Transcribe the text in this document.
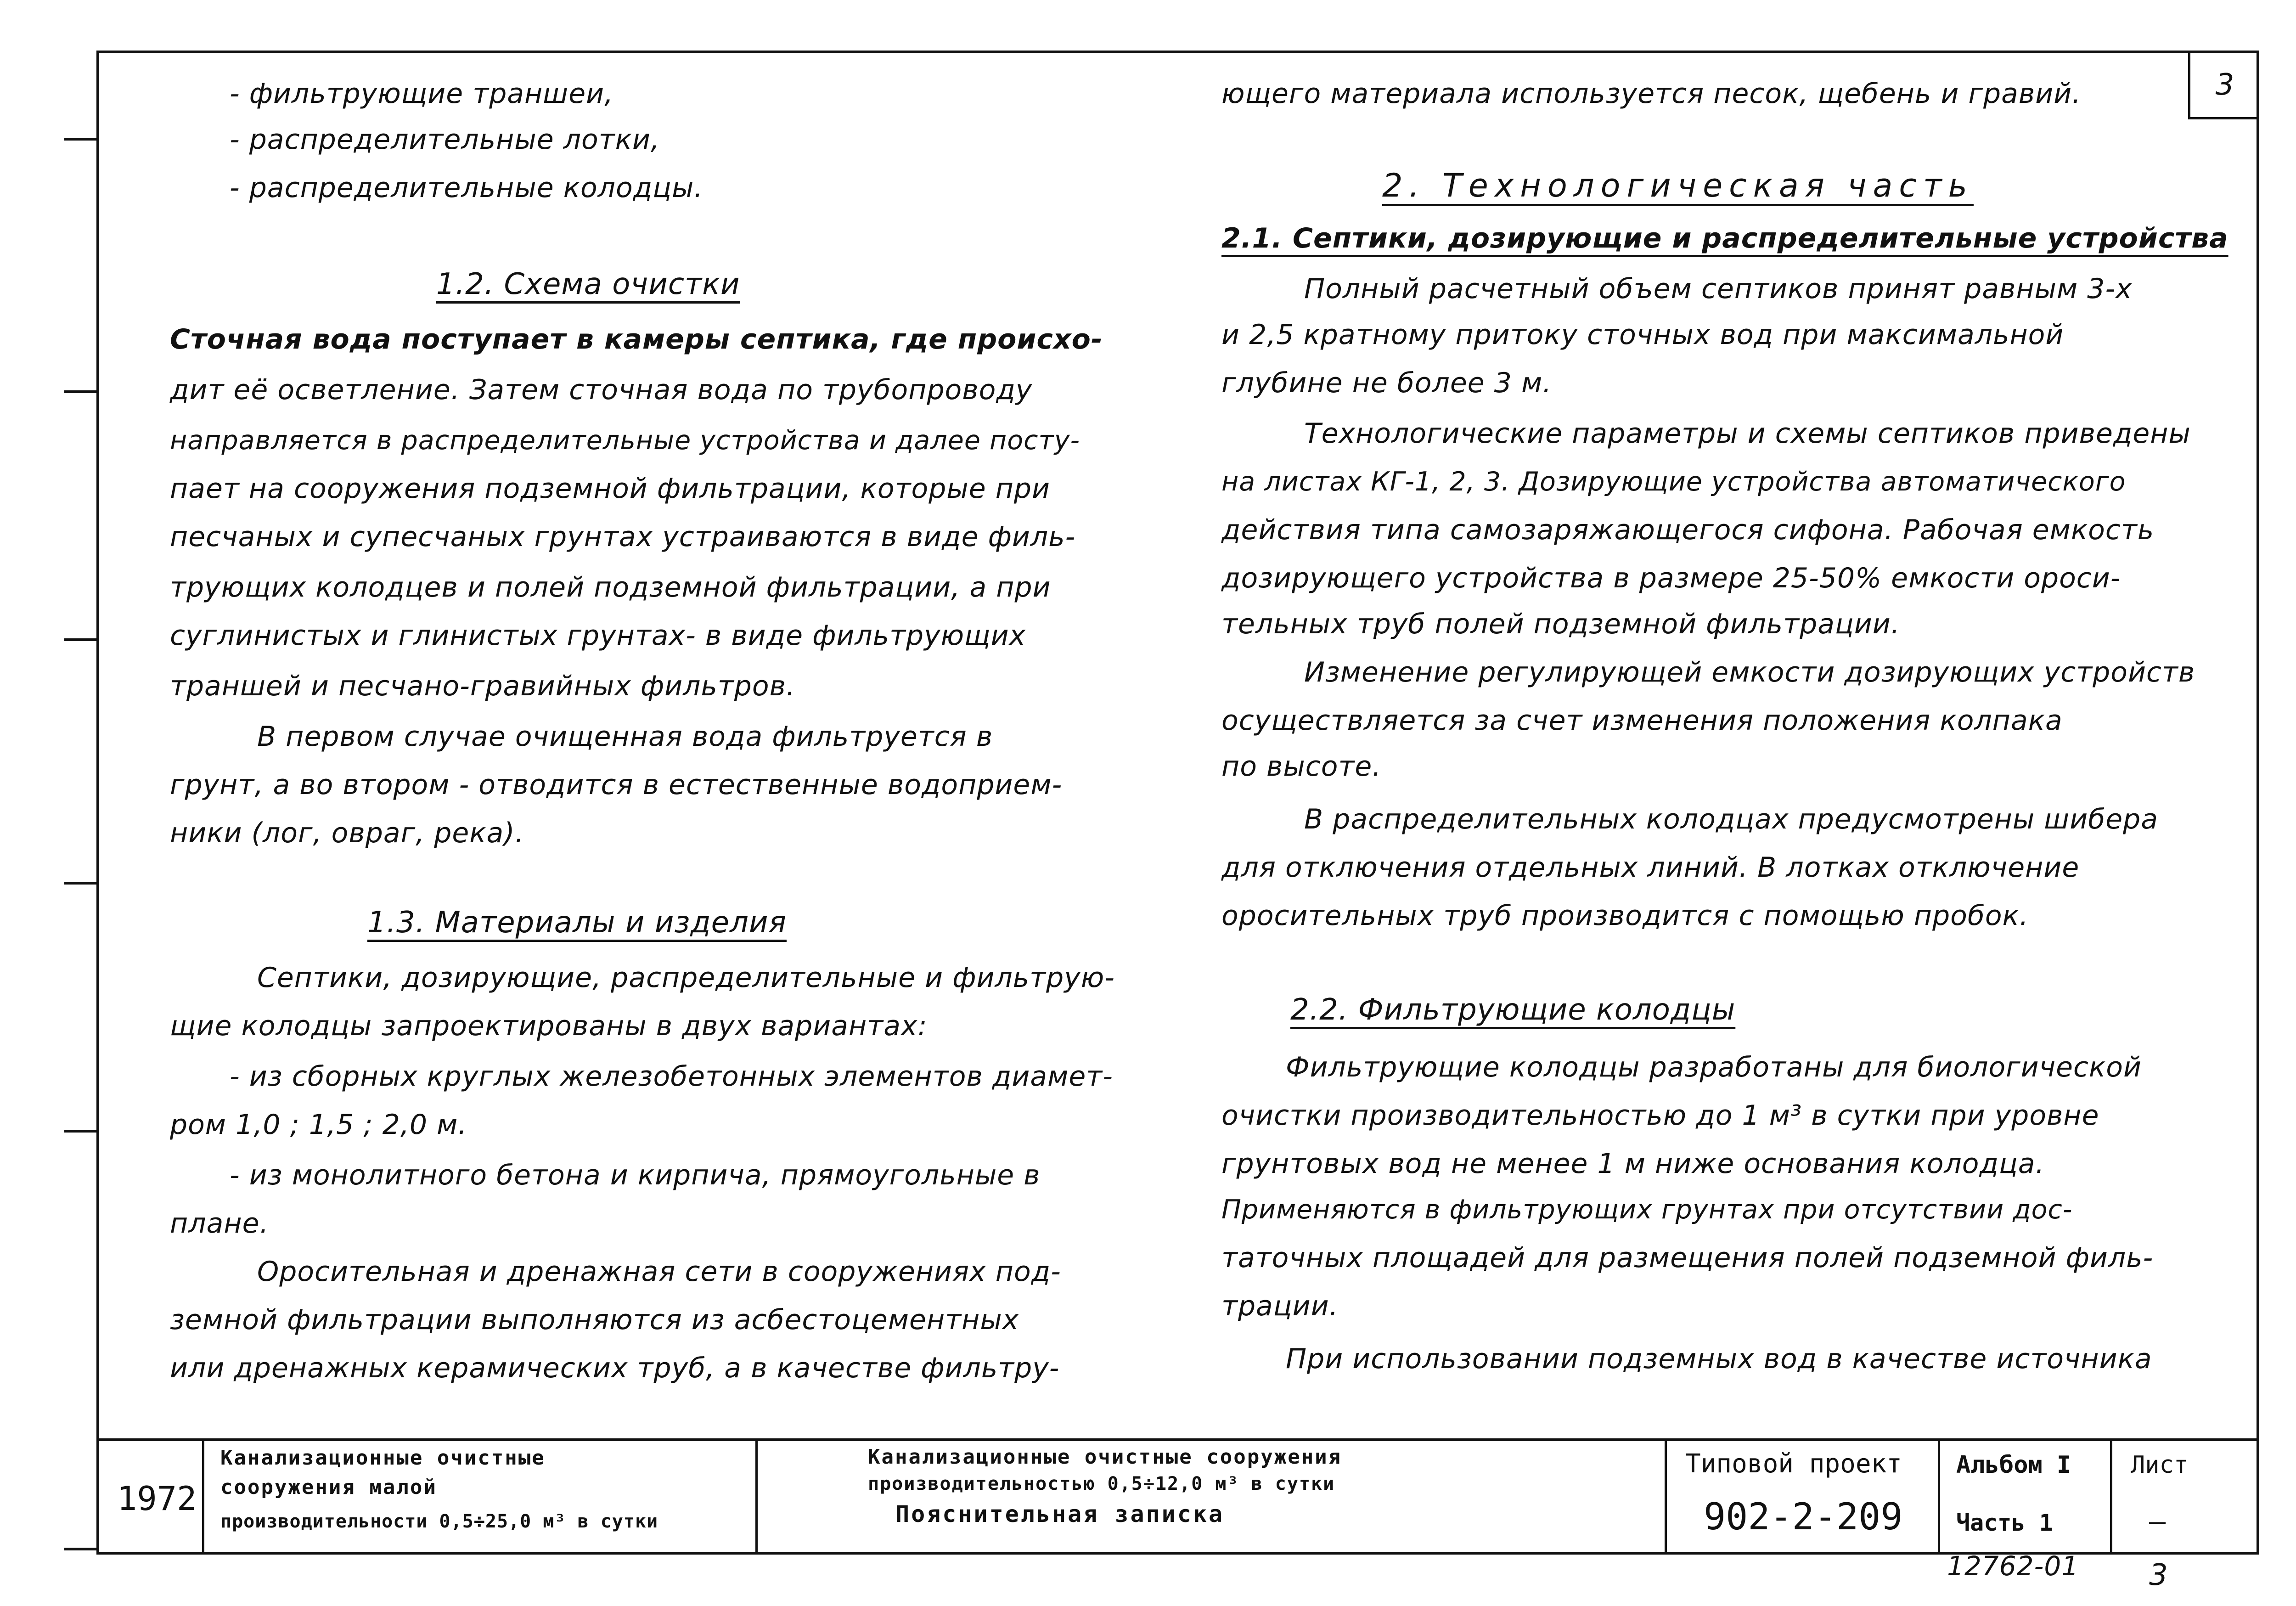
3
- фильтрующие траншеи,
- распределительные лотки,
- распределительные колодцы.
1.2. Схема очистки
Сточная вода поступает в камеры септика, где происхо-
дит её осветление. Затем сточная вода по трубопроводу
направляется в распределительные устройства и далее посту-
пает на сооружения подземной фильтрации, которые при
песчаных и супесчаных грунтах устраиваются в виде филь-
трующих колодцев и полей подземной фильтрации, а при
суглинистых и глинистых грунтах- в виде фильтрующих
траншей и песчано-гравийных фильтров.
В первом случае очищенная вода фильтруется в
грунт, а во втором - отводится в естественные водоприем-
ники (лог, овраг, река).
1.3. Материалы и изделия
Септики, дозирующие, распределительные и фильтрую-
щие колодцы запроектированы в двух вариантах:
- из сборных круглых железобетонных элементов диамет-
ром 1,0 ; 1,5 ; 2,0 м.
- из монолитного бетона и кирпича, прямоугольные в
плане.
Оросительная и дренажная сети в сооружениях под-
земной фильтрации выполняются из асбестоцементных
или дренажных керамических труб, а в качестве фильтру-
ющего материала используется песок, щебень и гравий.
2. Технологическая часть
2.1. Септики, дозирующие и распределительные устройства
Полный расчетный объем септиков принят равным 3-х
и 2,5 кратному притоку сточных вод при максимальной
глубине не более 3 м.
Технологические параметры и схемы септиков приведены
на листах КГ-1, 2, 3. Дозирующие устройства автоматического
действия типа самозаряжающегося сифона. Рабочая емкость
дозирующего устройства в размере 25-50% емкости ороси-
тельных труб полей подземной фильтрации.
Изменение регулирующей емкости дозирующих устройств
осуществляется за счет изменения положения колпака
по высоте.
В распределительных колодцах предусмотрены шибера
для отключения отдельных линий. В лотках отключение
оросительных труб производится с помощью пробок.
2.2. Фильтрующие колодцы
Фильтрующие колодцы разработаны для биологической
очистки производительностью до 1 м³ в сутки при уровне
грунтовых вод не менее 1 м ниже основания колодца.
Применяются в фильтрующих грунтах при отсутствии дос-
таточных площадей для размещения полей подземной филь-
трации.
При использовании подземных вод в качестве источника
1972
Канализационные очистные
сооружения малой
производительности 0,5÷25,0 м³ в сутки
Канализационные очистные сооружения
производительностью 0,5÷12,0 м³ в сутки
Пояснительная записка
Типовой проект
902-2-209
Альбом I
Часть 1
Лист
—
12762-01 3
